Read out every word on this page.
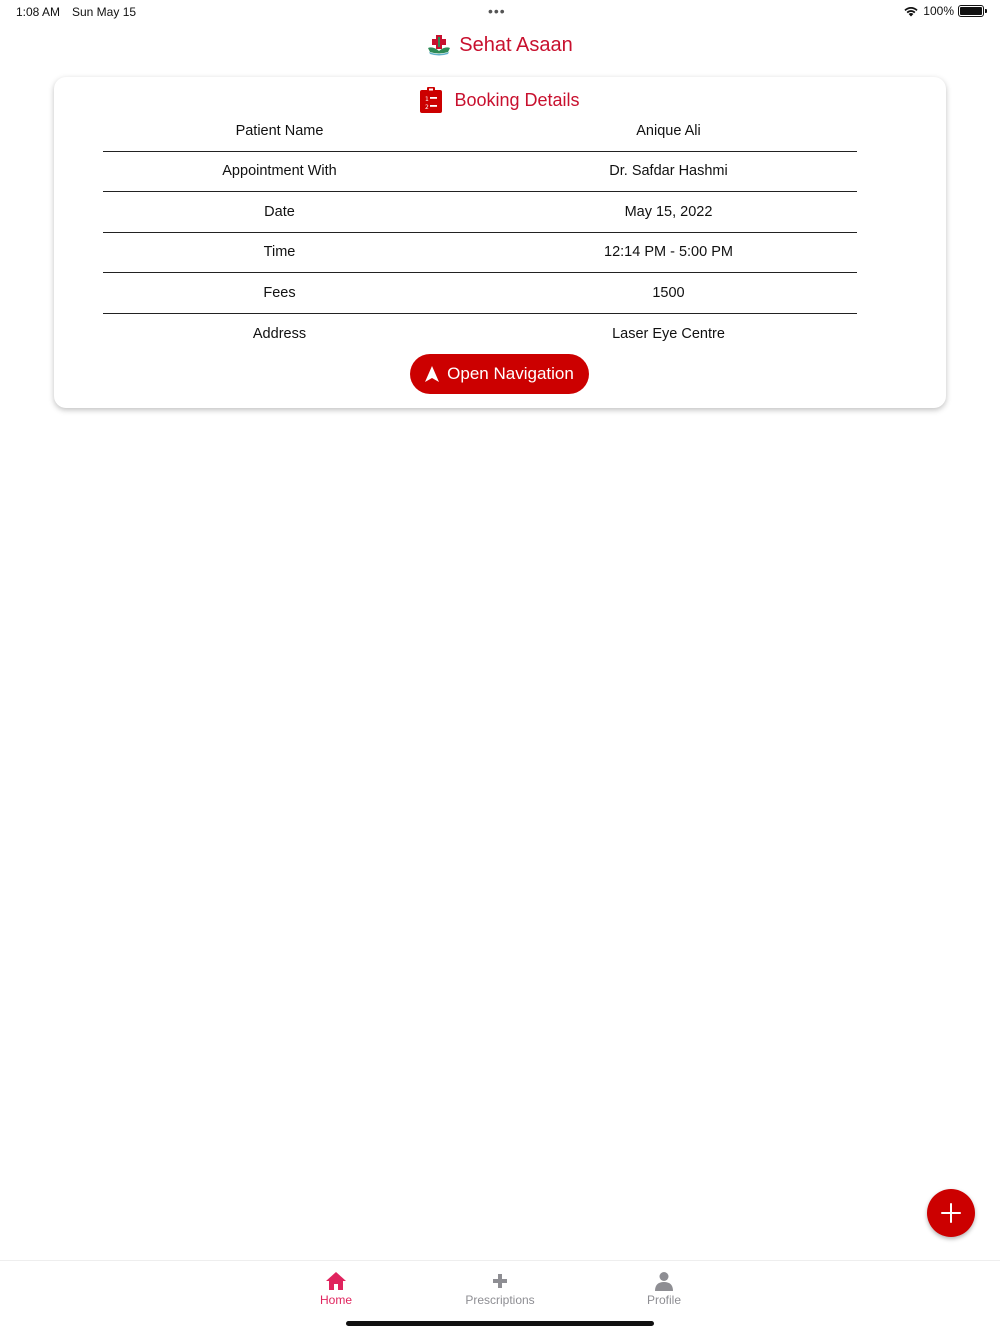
1:08 AM Sun May 15	•••	100%
Sehat Asaan
1
2 Booking Details
Patient Name	Anique Ali
Appointment With	Dr. Safdar Hashmi
Date	May 15, 2022
Time	12:14 PM - 5:00 PM
Fees	1500
Address	Laser Eye Centre
Open Navigation
Home	Prescriptions	Profile
